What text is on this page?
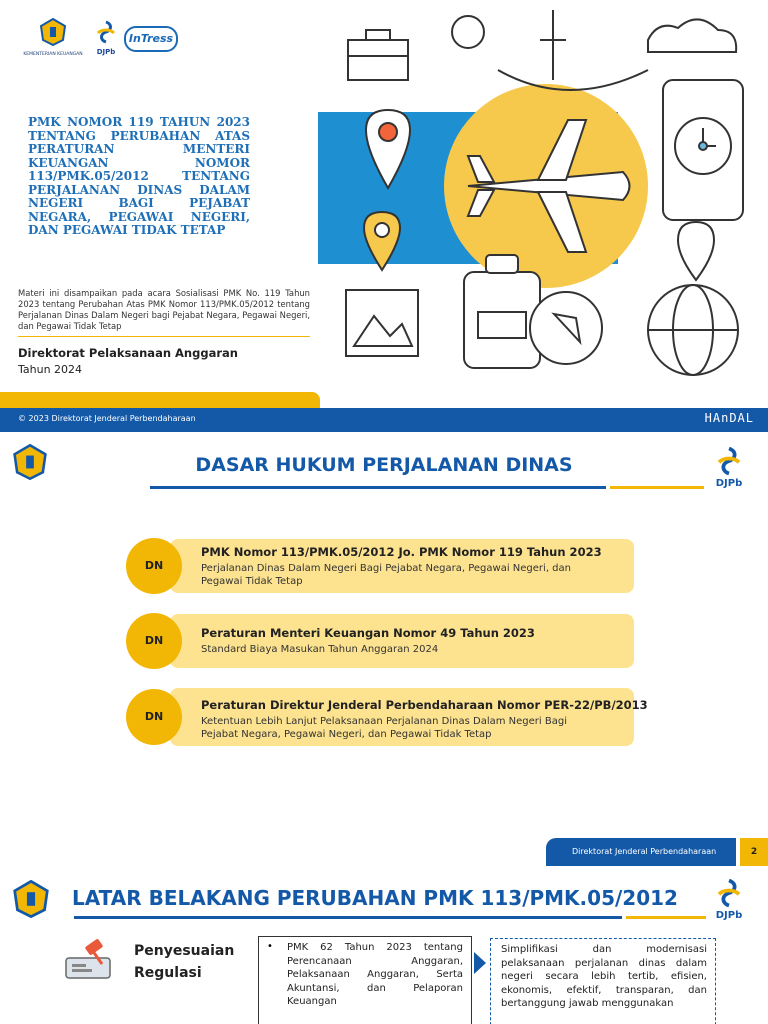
KEMENTERIAN KEUANGAN	DJPb
InTress
PMK NOMOR 119 TAHUN 2023 TENTANG PERUBAHAN ATAS PERATURAN MENTERI KEUANGAN NOMOR 113/PMK.05/2012 TENTANG PERJALANAN DINAS DALAM NEGERI BAGI PEJABAT NEGARA, PEGAWAI NEGERI, DAN PEGAWAI TIDAK TETAP
Materi ini disampaikan pada acara Sosialisasi PMK No. 119 Tahun 2023 tentang Perubahan Atas PMK Nomor 113/PMK.05/2012 tentang Perjalanan Dinas Dalam Negeri bagi Pejabat Negara, Pegawai Negeri, dan Pegawai Tidak Tetap
Direktorat Pelaksanaan Anggaran
Tahun 2024
© 2023 Direktorat Jenderal Perbendaharaan	HAnDAL
DASAR HUKUM PERJALANAN DINAS
DJPb
DN
PMK Nomor 113/PMK.05/2012 Jo. PMK Nomor 119 Tahun 2023
Perjalanan Dinas Dalam Negeri Bagi Pejabat Negara, Pegawai Negeri, dan Pegawai Tidak Tetap
DN
Peraturan Menteri Keuangan Nomor 49 Tahun 2023
Standard Biaya Masukan Tahun Anggaran 2024
DN
Peraturan Direktur Jenderal Perbendaharaan Nomor PER-22/PB/2013
Ketentuan Lebih Lanjut Pelaksanaan Perjalanan Dinas Dalam Negeri Bagi Pejabat Negara, Pegawai Negeri, dan Pegawai Tidak Tetap
Direktorat Jenderal Perbendaharaan	2
LATAR BELAKANG PERUBAHAN PMK 113/PMK.05/2012
DJPb
Penyesuaian
Regulasi
• PMK 62 Tahun 2023 tentang Perencanaan Anggaran, Pelaksanaan Anggaran, Serta Akuntansi, dan Pelaporan Keuangan
Simplifikasi dan modernisasi pelaksanaan perjalanan dinas dalam negeri secara lebih tertib, efisien, ekonomis, efektif, transparan, dan bertanggung jawab menggunakan
